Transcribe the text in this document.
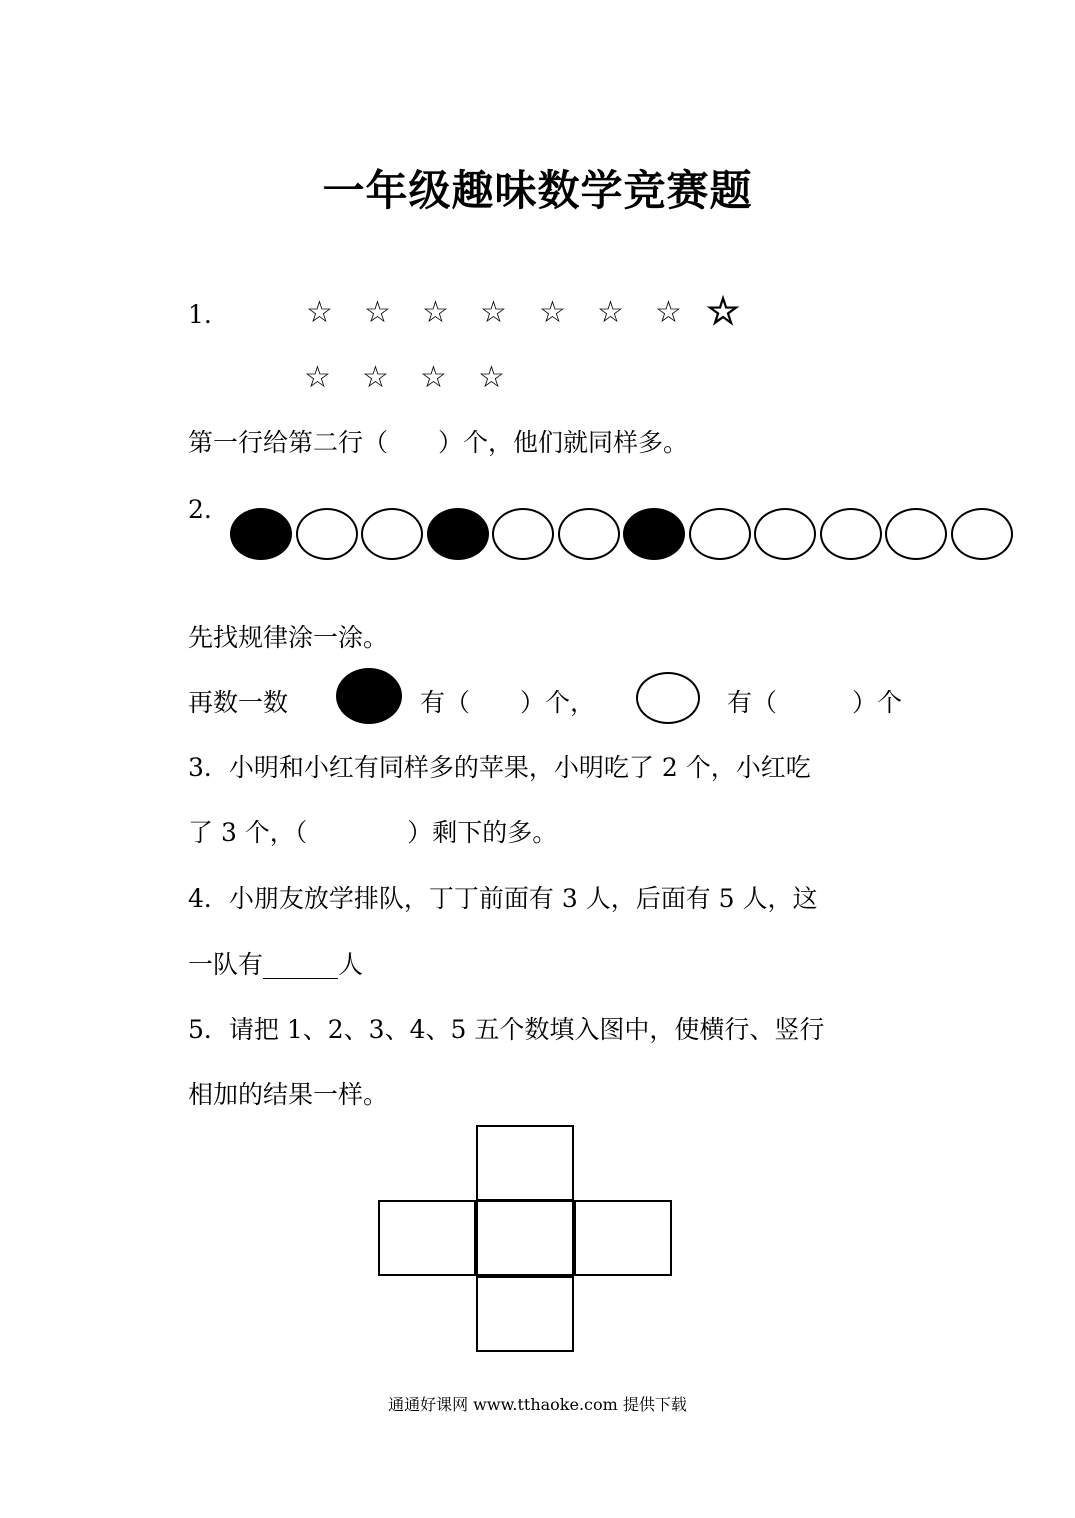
一年级趣味数学竞赛题
1.	☆ ☆ ☆ ☆ ☆ ☆ ☆ ☆
☆ ☆ ☆ ☆
第一行给第二行（　　）个，他们就同样多。
2.
先找规律涂一涂。
再数一数	有（　　）个，	有（　　　）个
3．小明和小红有同样多的苹果，小明吃了 2 个，小红吃
了 3 个，（　　　　）剩下的多。
4．小朋友放学排队，丁丁前面有 3 人，后面有 5 人，这
一队有______人
5．请把 1、2、3、4、5 五个数填入图中，使横行、竖行
相加的结果一样。
通通好课网 www.tthaoke.com 提供下载
